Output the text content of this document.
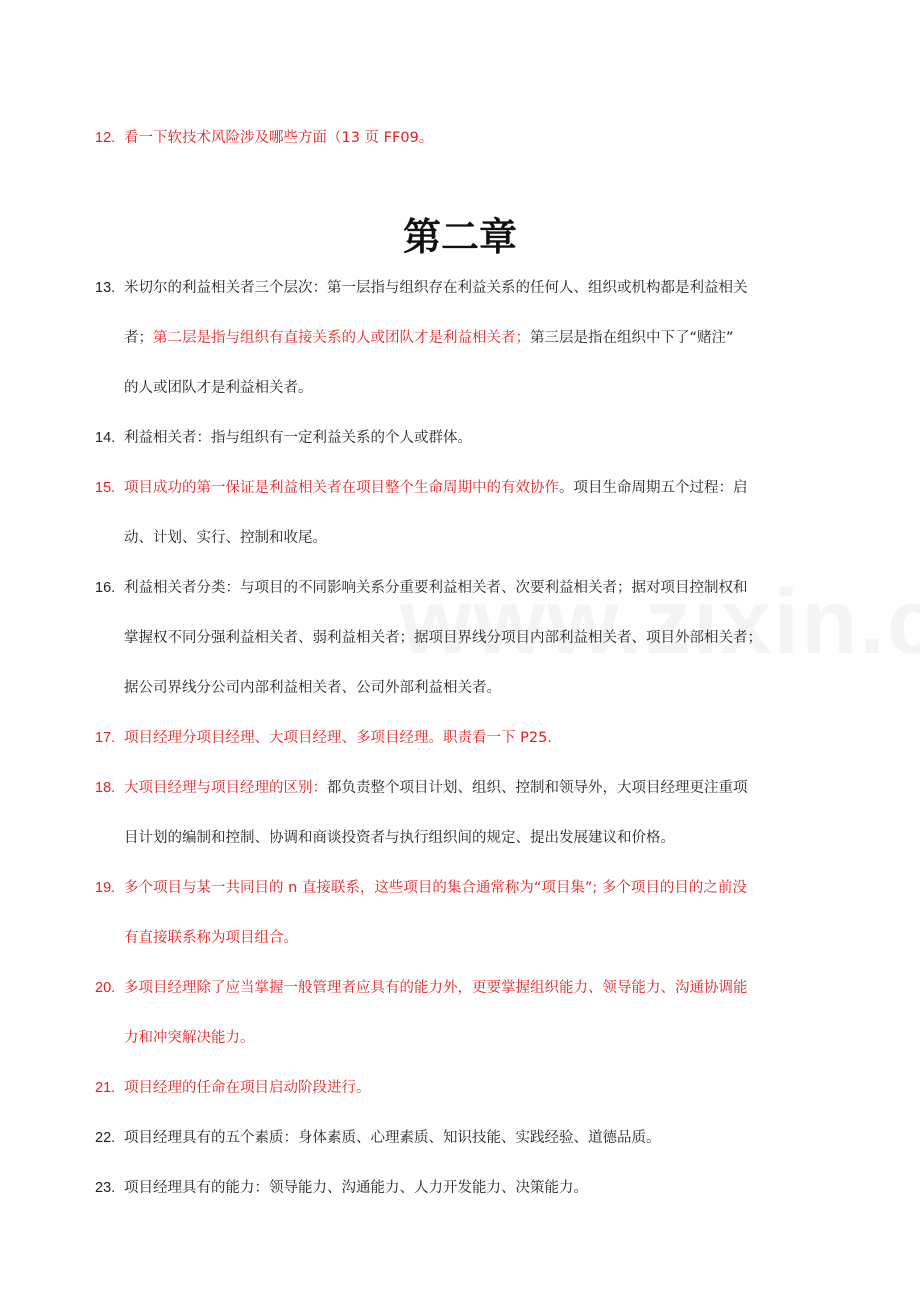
第二章
12. 看一下软技术风险涉及哪些方面（13 页 FF09。
13. 米切尔的利益相关者三个层次：第一层指与组织存在利益关系的任何人、组织或机构都是利益相关
者；第二层是指与组织有直接关系的人或团队才是利益相关者；第三层是指在组织中下了“赌注”
的人或团队才是利益相关者。
14. 利益相关者：指与组织有一定利益关系的个人或群体。
15. 项目成功的第一保证是利益相关者在项目整个生命周期中的有效协作。项目生命周期五个过程：启
动、计划、实行、控制和收尾。
16. 利益相关者分类：与项目的不同影响关系分重要利益相关者、次要利益相关者；据对项目控制权和
掌握权不同分强利益相关者、弱利益相关者；据项目界线分项目内部利益相关者、项目外部相关者；
据公司界线分公司内部利益相关者、公司外部利益相关者。
17. 项目经理分项目经理、大项目经理、多项目经理。职责看一下 P25.
18. 大项目经理与项目经理的区别：都负责整个项目计划、组织、控制和领导外，大项目经理更注重项
目计划的编制和控制、协调和商谈投资者与执行组织间的规定、提出发展建议和价格。
19. 多个项目与某一共同目的 n 直接联系，这些项目的集合通常称为“项目集”; 多个项目的目的之前没
有直接联系称为项目组合。
20. 多项目经理除了应当掌握一般管理者应具有的能力外，更要掌握组织能力、领导能力、沟通协调能
力和冲突解决能力。
21. 项目经理的任命在项目启动阶段进行。
22. 项目经理具有的五个素质：身体素质、心理素质、知识技能、实践经验、道德品质。
23. 项目经理具有的能力：领导能力、沟通能力、人力开发能力、决策能力。
